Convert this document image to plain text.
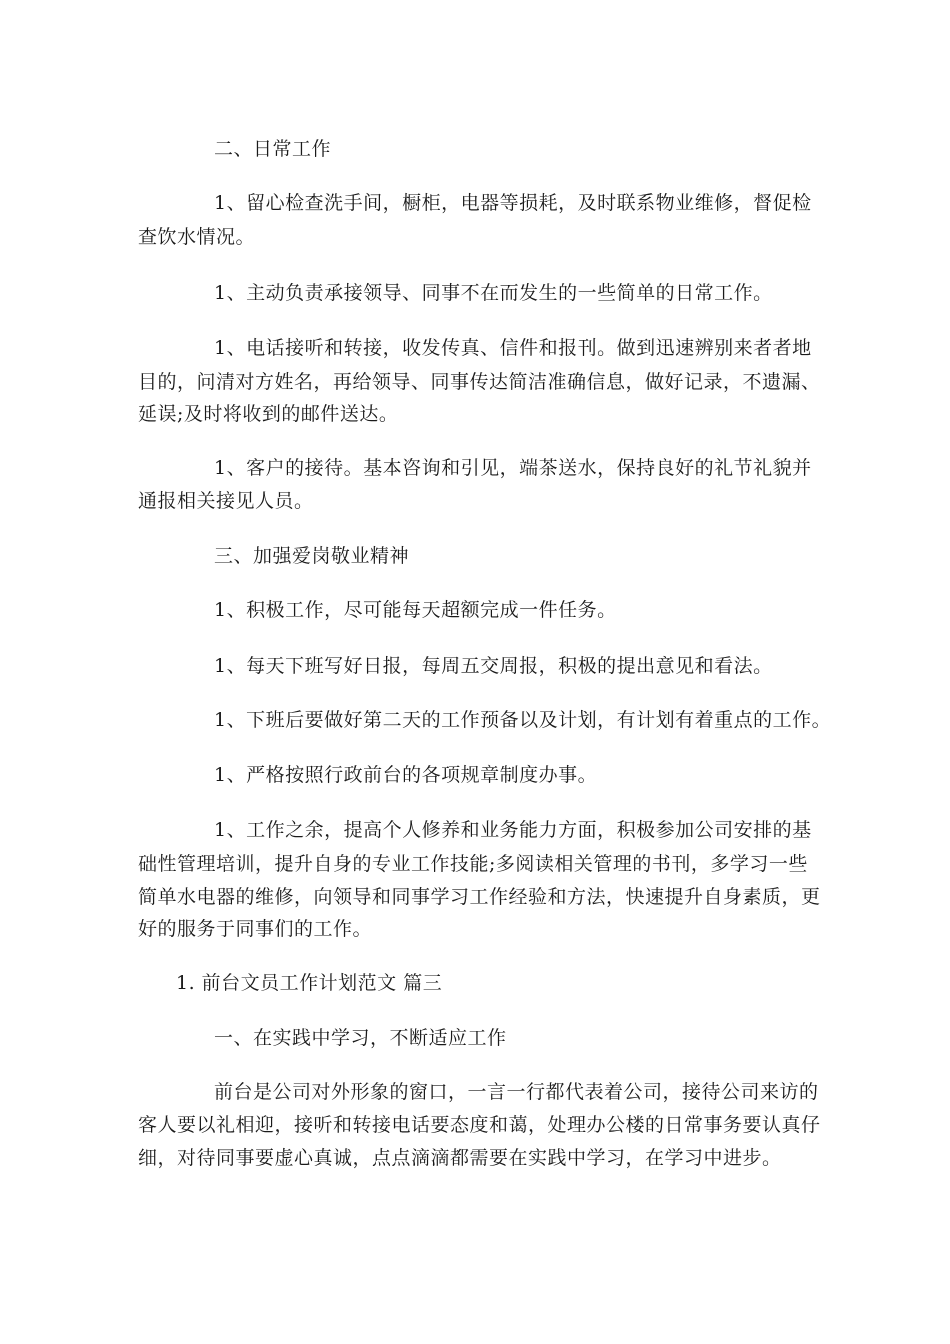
二、日常工作
1、留心检查洗手间，橱柜，电器等损耗，及时联系物业维修，督促检
查饮水情况。
1、主动负责承接领导、同事不在而发生的一些简单的日常工作。
1、电话接听和转接，收发传真、信件和报刊。做到迅速辨别来者者地
目的，问清对方姓名，再给领导、同事传达简洁准确信息，做好记录，不遗漏、
延误;及时将收到的邮件送达。
1、客户的接待。基本咨询和引见，端茶送水，保持良好的礼节礼貌并
通报相关接见人员。
三、加强爱岗敬业精神
1、积极工作，尽可能每天超额完成一件任务。
1、每天下班写好日报，每周五交周报，积极的提出意见和看法。
1、下班后要做好第二天的工作预备以及计划，有计划有着重点的工作。
1、严格按照行政前台的各项规章制度办事。
1、工作之余，提高个人修养和业务能力方面，积极参加公司安排的基
础性管理培训，提升自身的专业工作技能;多阅读相关管理的书刊，多学习一些
简单水电器的维修，向领导和同事学习工作经验和方法，快速提升自身素质，更
好的服务于同事们的工作。
1. 前台文员工作计划范文 篇三
一、在实践中学习，不断适应工作
前台是公司对外形象的窗口，一言一行都代表着公司，接待公司来访的
客人要以礼相迎，接听和转接电话要态度和蔼，处理办公楼的日常事务要认真仔
细，对待同事要虚心真诚，点点滴滴都需要在实践中学习，在学习中进步。
